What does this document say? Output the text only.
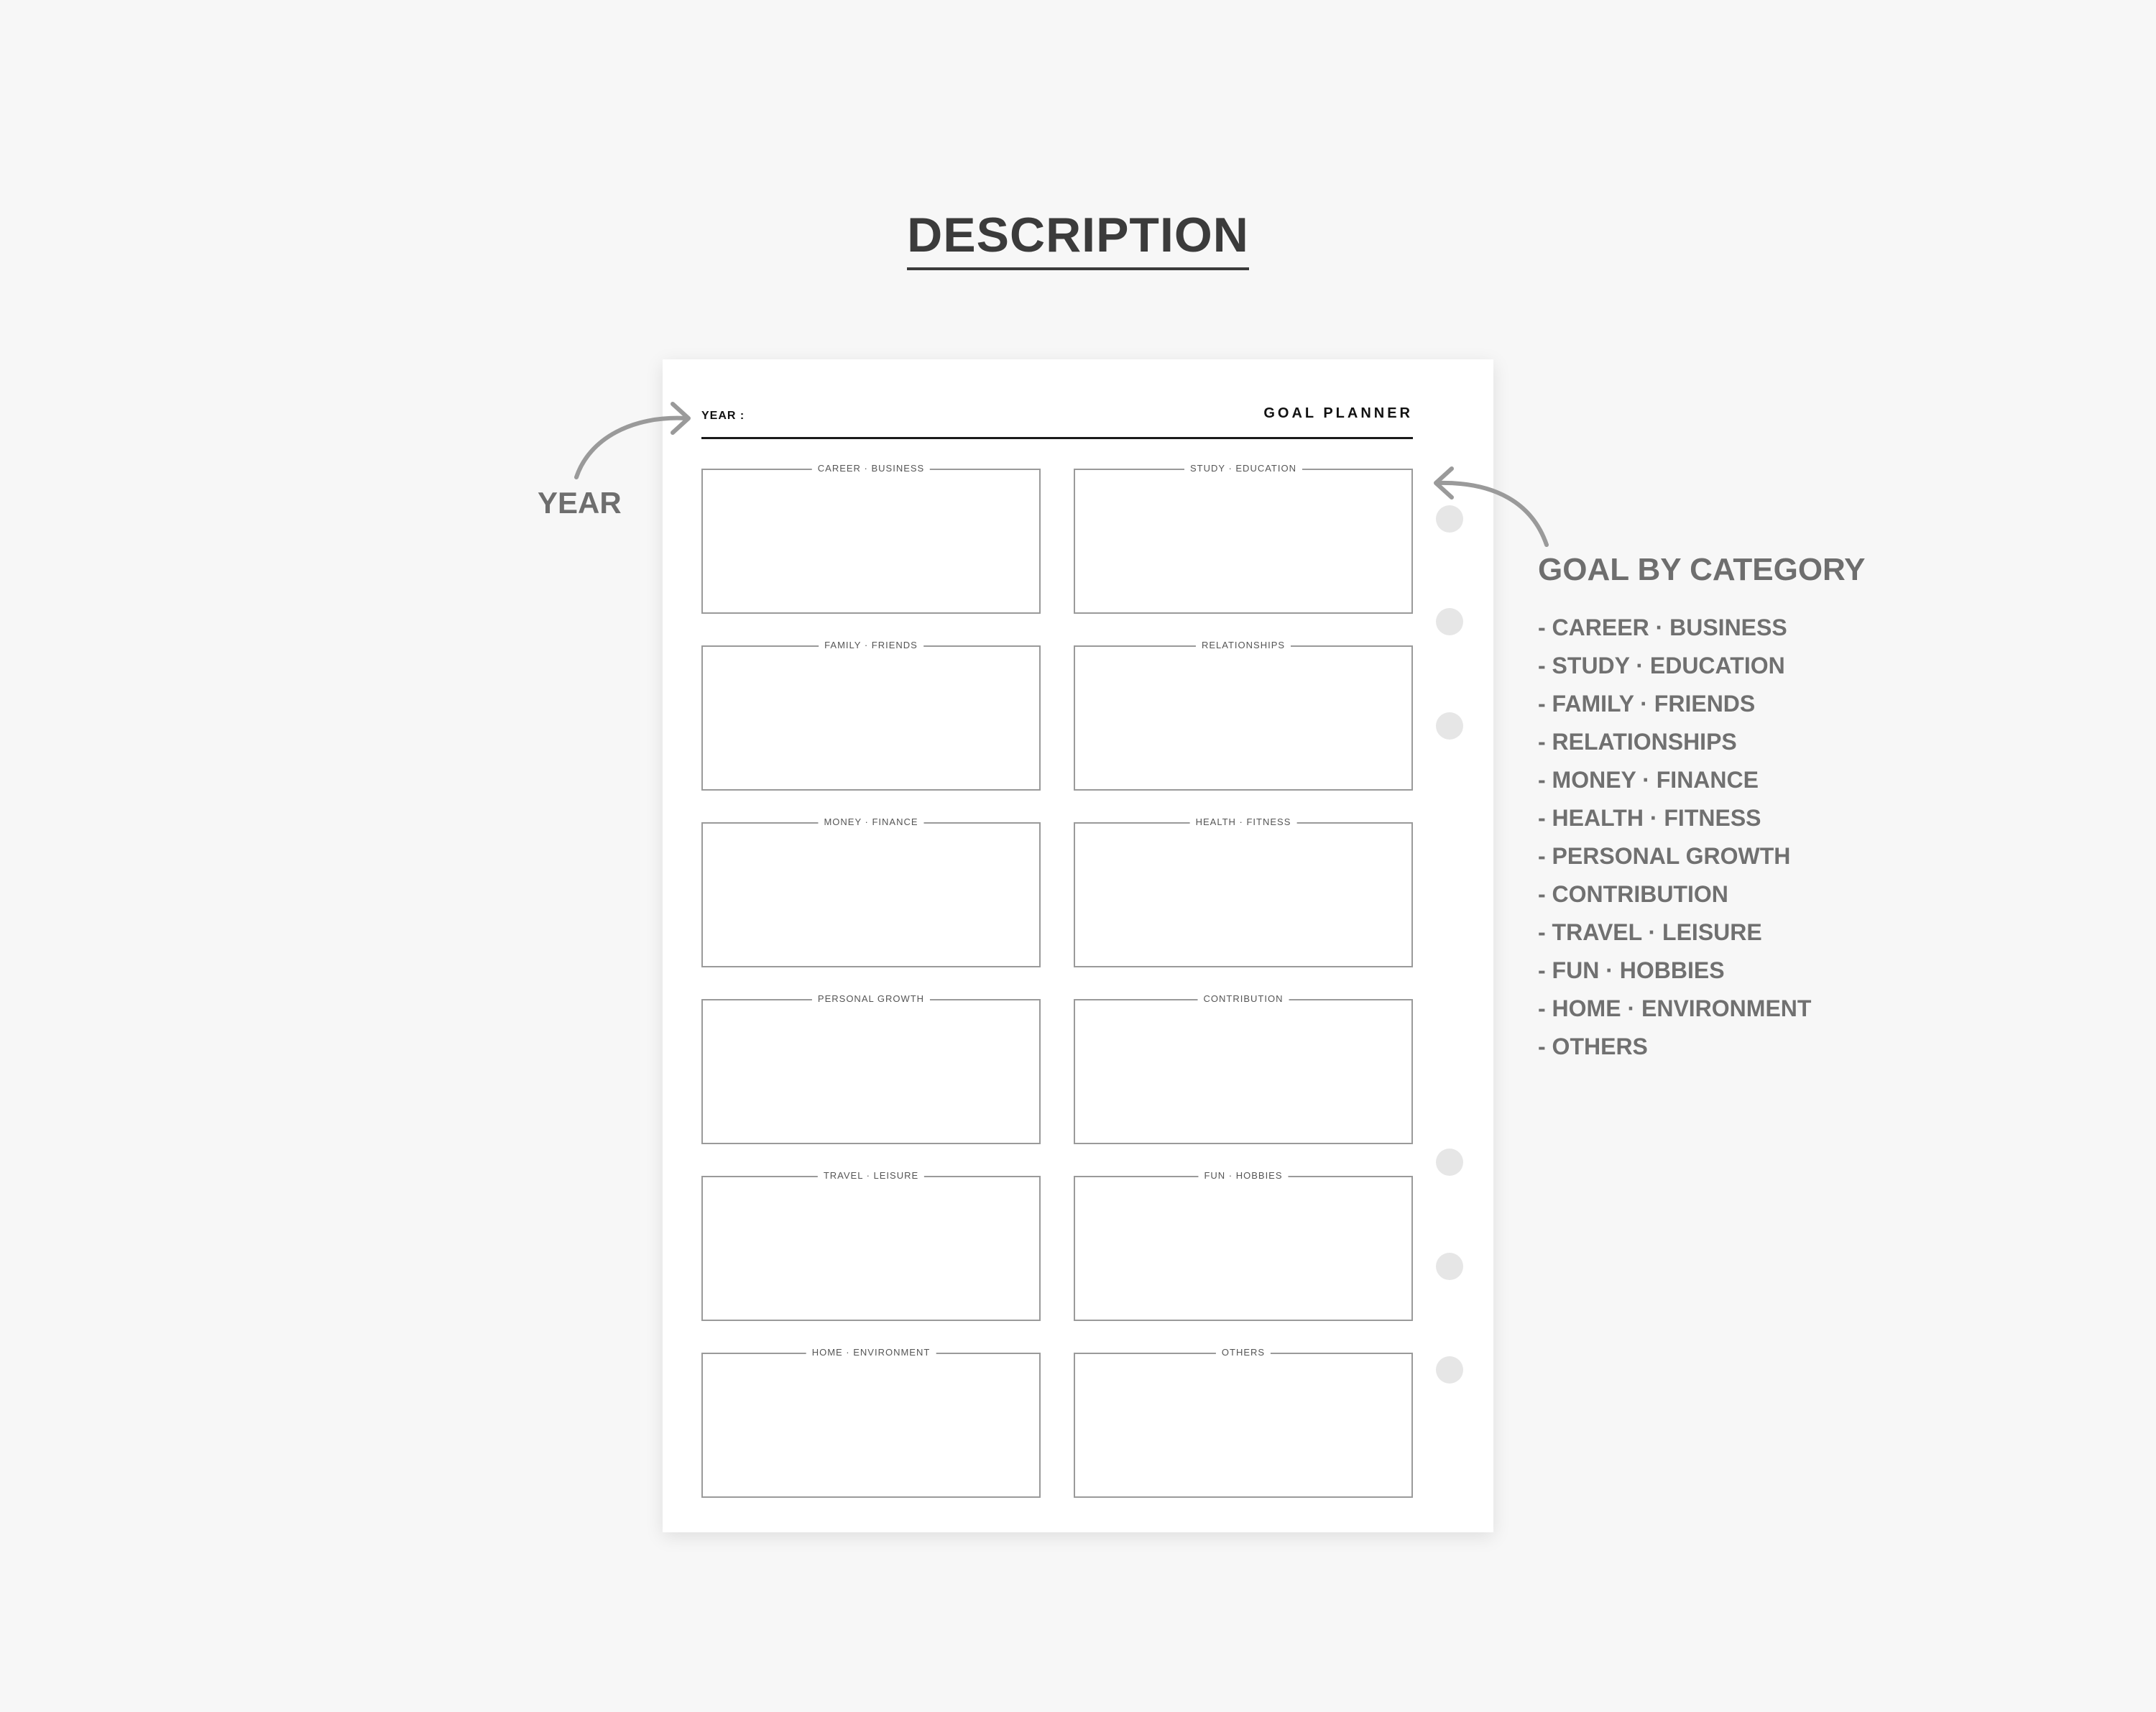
DESCRIPTION
YEAR :	GOAL PLANNER
CAREER · BUSINESS	STUDY · EDUCATION
FAMILY · FRIENDS	RELATIONSHIPS
MONEY · FINANCE	HEALTH · FITNESS
PERSONAL GROWTH	CONTRIBUTION
TRAVEL · LEISURE	FUN · HOBBIES
HOME · ENVIRONMENT	OTHERS
YEAR
GOAL BY CATEGORY
- CAREER · BUSINESS
- STUDY · EDUCATION
- FAMILY · FRIENDS
- RELATIONSHIPS
- MONEY · FINANCE
- HEALTH · FITNESS
- PERSONAL GROWTH
- CONTRIBUTION
- TRAVEL · LEISURE
- FUN · HOBBIES
- HOME · ENVIRONMENT
- OTHERS
